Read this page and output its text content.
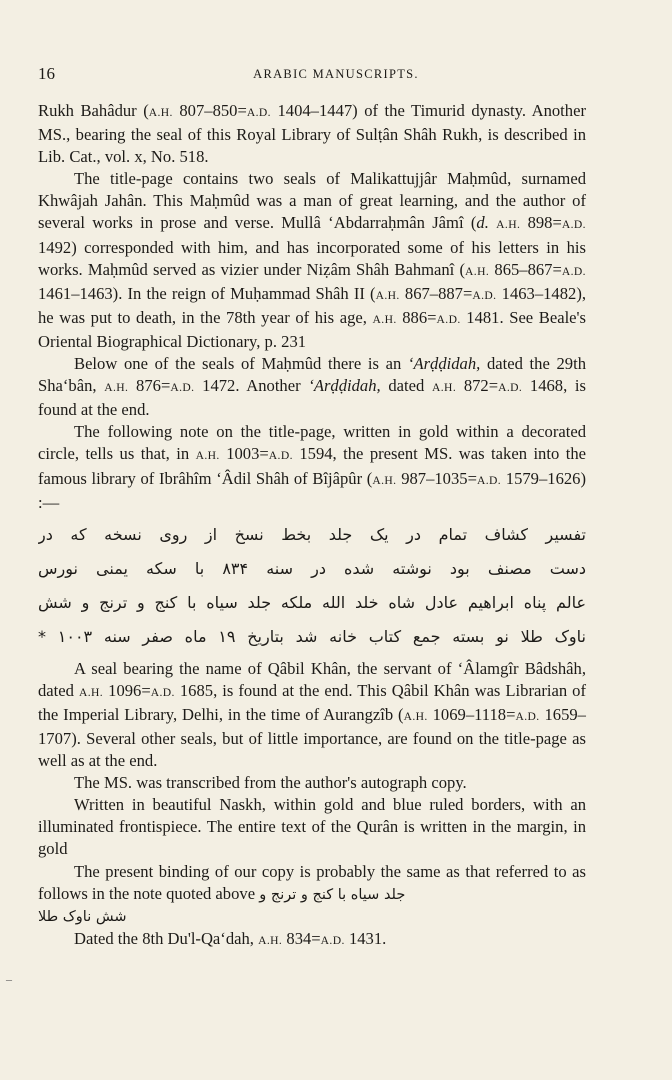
16	ARABIC MANUSCRIPTS.

Rukh Bahâdur (A.H. 807–850=A.D. 1404–1447) of the Timurid dynasty. Another MS., bearing the seal of this Royal Library of Sulṭân Shâh Rukh, is described in Lib. Cat., vol. x, No. 518.

The title-page contains two seals of Malikattujjâr Maḥmûd, surnamed Khwâjah Jahân. This Maḥmûd was a man of great learning, and the author of several works in prose and verse. Mullâ ‘Abdarraḥmân Jâmî (d. A.H. 898=A.D. 1492) corresponded with him, and has incorporated some of his letters in his works. Maḥmûd served as vizier under Niẓâm Shâh Bahmanî (A.H. 865–867=A.D. 1461–1463). In the reign of Muḥammad Shâh II (A.H. 867–887=A.D. 1463–1482), he was put to death, in the 78th year of his age, A.H. 886=A.D. 1481. See Beale's Oriental Biographical Dictionary, p. 231

Below one of the seals of Maḥmûd there is an ‘Arḍḍidah, dated the 29th Sha‘bân, A.H. 876=A.D. 1472. Another ‘Arḍḍidah, dated A.H. 872=A.D. 1468, is found at the end.

The following note on the title-page, written in gold within a decorated circle, tells us that, in A.H. 1003=A.D. 1594, the present MS. was taken into the famous library of Ibrâhîm ‘Âdil Shâh of Bîjâpûr (A.H. 987–1035=A.D. 1579–1626) :—

تفسیر کشاف تمام در یک جلد بخط نسخ از روی نسخه که در
دست مصنف بود نوشته شده در سنه ۸۳۴ با سکه یمنی نورس
عالم پناه ابراهیم عادل شاه خلد الله ملکه جلد سیاه با کنج و ترنج و شش
ناوک طلا نو بسته جمع کتاب خانه شد بتاریخ ۱۹ ماه صفر سنه ۱۰۰۳ *

A seal bearing the name of Qâbil Khân, the servant of ‘Âlamgîr Bâdshâh, dated A.H. 1096=A.D. 1685, is found at the end. This Qâbil Khân was Librarian of the Imperial Library, Delhi, in the time of Aurangzîb (A.H. 1069–1118=A.D. 1659–1707). Several other seals, but of little importance, are found on the title-page as well as at the end.

The MS. was transcribed from the author's autograph copy.

Written in beautiful Naskh, within gold and blue ruled borders, with an illuminated frontispiece. The entire text of the Qurân is written in the margin, in gold

The present binding of our copy is probably the same as that referred to as follows in the note quoted above جلد سیاه با کنج و ترنج و

شش ناوک طلا

Dated the 8th Du'l-Qa‘dah, A.H. 834=A.D. 1431.

–
